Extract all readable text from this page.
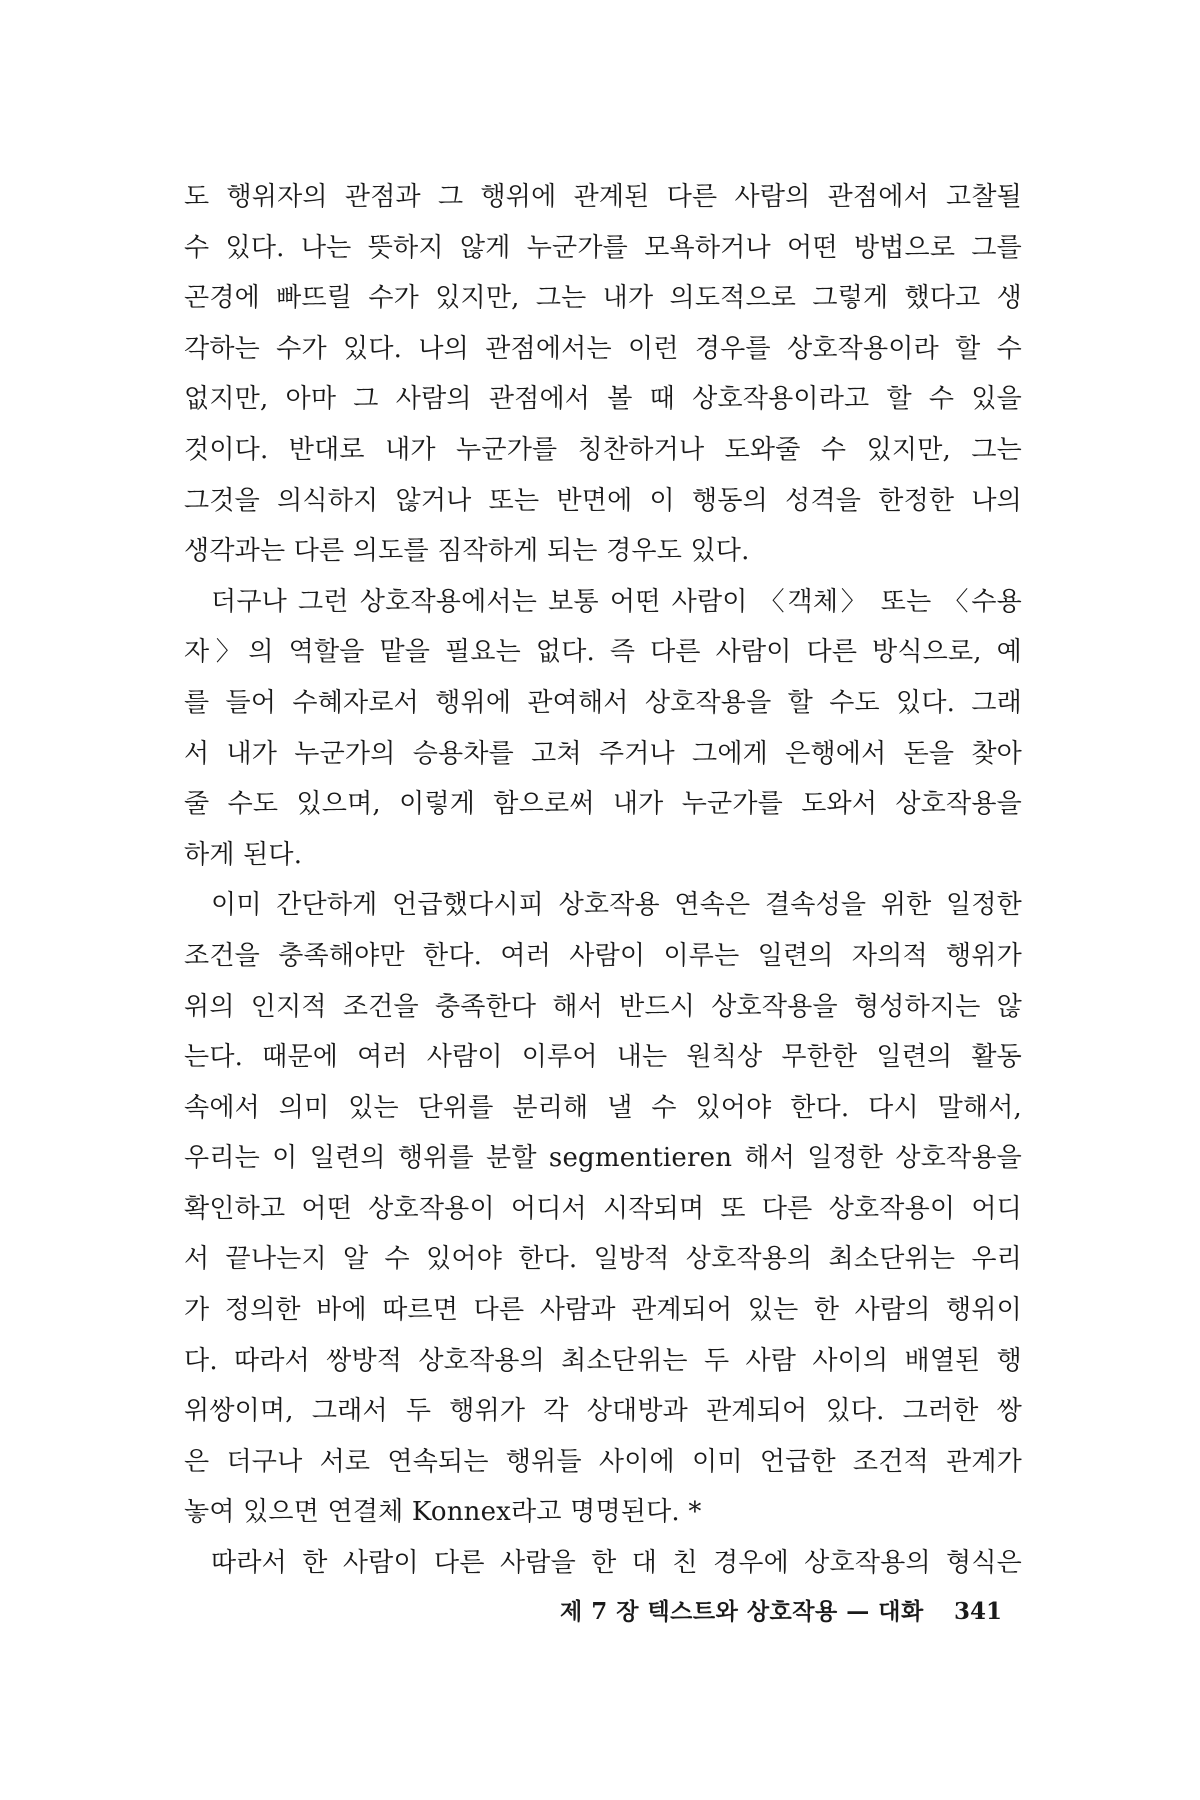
도 행위자의 관점과 그 행위에 관계된 다른 사람의 관점에서 고찰될
수 있다. 나는 뜻하지 않게 누군가를 모욕하거나 어떤 방법으로 그를
곤경에 빠뜨릴 수가 있지만, 그는 내가 의도적으로 그렇게 했다고 생
각하는 수가 있다. 나의 관점에서는 이런 경우를 상호작용이라 할 수
없지만, 아마 그 사람의 관점에서 볼 때 상호작용이라고 할 수 있을
것이다. 반대로 내가 누군가를 칭찬하거나 도와줄 수 있지만, 그는
그것을 의식하지 않거나 또는 반면에 이 행동의 성격을 한정한 나의
생각과는 다른 의도를 짐작하게 되는 경우도 있다.
더구나 그런 상호작용에서는 보통 어떤 사람이 〈객체〉 또는 〈수용
자〉의 역할을 맡을 필요는 없다. 즉 다른 사람이 다른 방식으로, 예
를 들어 수혜자로서 행위에 관여해서 상호작용을 할 수도 있다. 그래
서 내가 누군가의 승용차를 고쳐 주거나 그에게 은행에서 돈을 찾아
줄 수도 있으며, 이렇게 함으로써 내가 누군가를 도와서 상호작용을
하게 된다.
이미 간단하게 언급했다시피 상호작용 연속은 결속성을 위한 일정한
조건을 충족해야만 한다. 여러 사람이 이루는 일련의 자의적 행위가
위의 인지적 조건을 충족한다 해서 반드시 상호작용을 형성하지는 않
는다. 때문에 여러 사람이 이루어 내는 원칙상 무한한 일련의 활동
속에서 의미 있는 단위를 분리해 낼 수 있어야 한다. 다시 말해서,
우리는 이 일련의 행위를 분할 segmentieren 해서 일정한 상호작용을
확인하고 어떤 상호작용이 어디서 시작되며 또 다른 상호작용이 어디
서 끝나는지 알 수 있어야 한다. 일방적 상호작용의 최소단위는 우리
가 정의한 바에 따르면 다른 사람과 관계되어 있는 한 사람의 행위이
다. 따라서 쌍방적 상호작용의 최소단위는 두 사람 사이의 배열된 행
위쌍이며, 그래서 두 행위가 각 상대방과 관계되어 있다. 그러한 쌍
은 더구나 서로 연속되는 행위들 사이에 이미 언급한 조건적 관계가
놓여 있으면 연결체 Konnex라고 명명된다. *
따라서 한 사람이 다른 사람을 한 대 친 경우에 상호작용의 형식은
제 7 장 텍스트와 상호작용 — 대화 341
